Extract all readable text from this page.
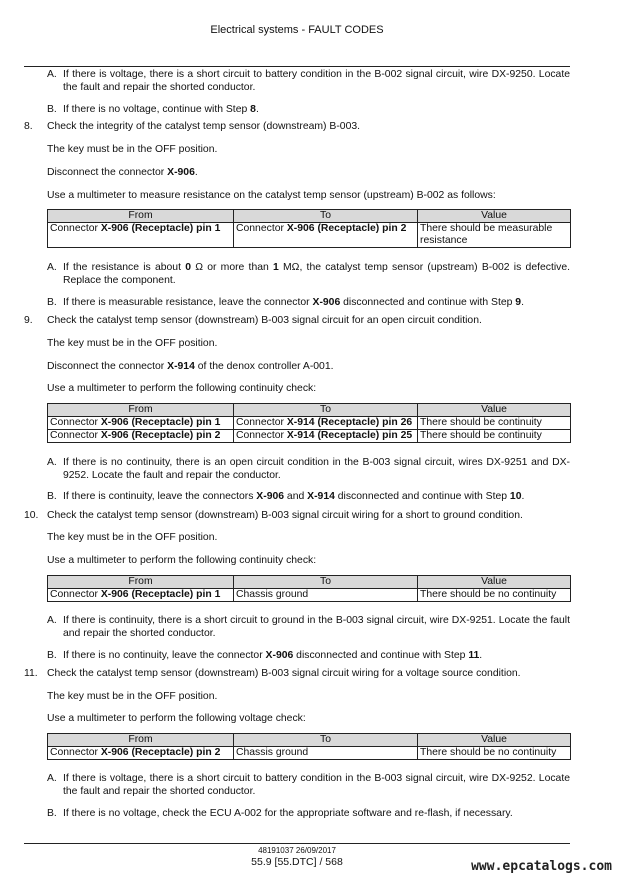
Electrical systems - FAULT CODES
A. If there is voltage, there is a short circuit to battery condition in the B-002 signal circuit, wire DX-9250. Locate the fault and repair the shorted conductor.
B. If there is no voltage, continue with Step 8.
8. Check the integrity of the catalyst temp sensor (downstream) B-003.
The key must be in the OFF position.
Disconnect the connector X-906.
Use a multimeter to measure resistance on the catalyst temp sensor (upstream) B-002 as follows:
From	To	Value
Connector X-906 (Receptacle) pin 1	Connector X-906 (Receptacle) pin 2	There should be measurable resistance
A. If the resistance is about 0 Ω or more than 1 MΩ, the catalyst temp sensor (upstream) B-002 is defective. Replace the component.
B. If there is measurable resistance, leave the connector X-906 disconnected and continue with Step 9.
9. Check the catalyst temp sensor (downstream) B-003 signal circuit for an open circuit condition.
The key must be in the OFF position.
Disconnect the connector X-914 of the denox controller A-001.
Use a multimeter to perform the following continuity check:
From	To	Value
Connector X-906 (Receptacle) pin 1	Connector X-914 (Receptacle) pin 26	There should be continuity
Connector X-906 (Receptacle) pin 2	Connector X-914 (Receptacle) pin 25	There should be continuity
A. If there is no continuity, there is an open circuit condition in the B-003 signal circuit, wires DX-9251 and DX-9252. Locate the fault and repair the conductor.
B. If there is continuity, leave the connectors X-906 and X-914 disconnected and continue with Step 10.
10. Check the catalyst temp sensor (downstream) B-003 signal circuit wiring for a short to ground condition.
The key must be in the OFF position.
Use a multimeter to perform the following continuity check:
From	To	Value
Connector X-906 (Receptacle) pin 1	Chassis ground	There should be no continuity
A. If there is continuity, there is a short circuit to ground in the B-003 signal circuit, wire DX-9251. Locate the fault and repair the shorted conductor.
B. If there is no continuity, leave the connector X-906 disconnected and continue with Step 11.
11. Check the catalyst temp sensor (downstream) B-003 signal circuit wiring for a voltage source condition.
The key must be in the OFF position.
Use a multimeter to perform the following voltage check:
From	To	Value
Connector X-906 (Receptacle) pin 2	Chassis ground	There should be no continuity
A. If there is voltage, there is a short circuit to battery condition in the B-003 signal circuit, wire DX-9252. Locate the fault and repair the shorted conductor.
B. If there is no voltage, check the ECU A-002 for the appropriate software and re-flash, if necessary.
48191037 26/09/2017
55.9 [55.DTC] / 568	www.epcatalogs.com
